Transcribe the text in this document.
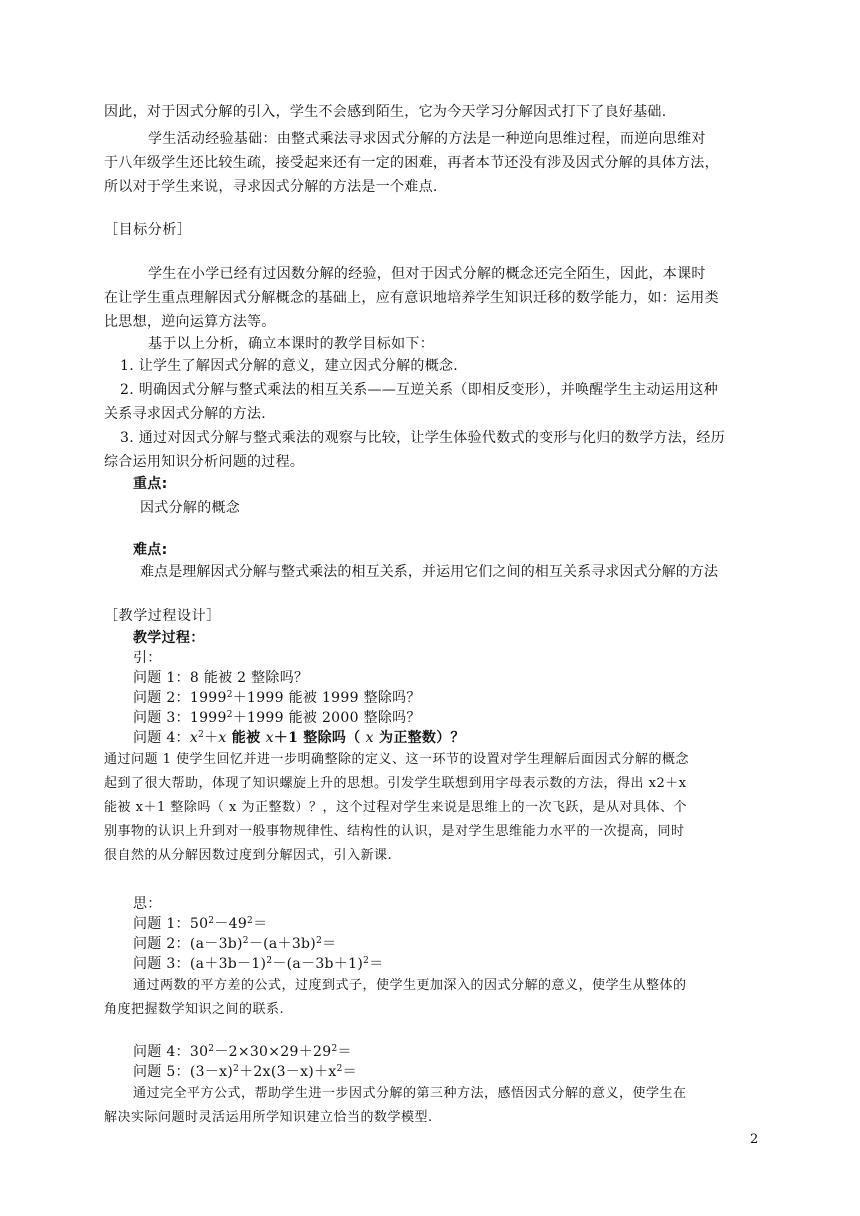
因此，对于因式分解的引入，学生不会感到陌生，它为今天学习分解因式打下了良好基础.

学生活动经验基础：由整式乘法寻求因式分解的方法是一种逆向思维过程，而逆向思维对

于八年级学生还比较生疏，接受起来还有一定的困难，再者本节还没有涉及因式分解的具体方法，

所以对于学生来说，寻求因式分解的方法是一个难点.

［目标分析］

学生在小学已经有过因数分解的经验，但对于因式分解的概念还完全陌生，因此，本课时

在让学生重点理解因式分解概念的基础上，应有意识地培养学生知识迁移的数学能力，如：运用类

比思想，逆向运算方法等。

基于以上分析，确立本课时的教学目标如下：

1. 让学生了解因式分解的意义，建立因式分解的概念.

2. 明确因式分解与整式乘法的相互关系——互逆关系（即相反变形），并唤醒学生主动运用这种

关系寻求因式分解的方法.

3. 通过对因式分解与整式乘法的观察与比较，让学生体验代数式的变形与化归的数学方法，经历

综合运用知识分析问题的过程。

重点:

因式分解的概念

难点:

难点是理解因式分解与整式乘法的相互关系，并运用它们之间的相互关系寻求因式分解的方法

［教学过程设计］

教学过程：

引：

问题 1：8 能被 2 整除吗？

问题 2：$1999^2+1999$ 能被 1999 整除吗？

问题 3：$1999^2+1999$ 能被 2000 整除吗？

问题 4：$x^2+x$ 能被 x＋1 整除吗（ x 为正整数）？

通过问题 1 使学生回忆并进一步明确整除的定义、这一环节的设置对学生理解后面因式分解的概念

起到了很大帮助，体现了知识螺旋上升的思想。引发学生联想到用字母表示数的方法，得出 x2＋x

能被 x＋1 整除吗（ x 为正整数）？，这个过程对学生来说是思维上的一次飞跃，是从对具体、个

别事物的认识上升到对一般事物规律性、结构性的认识，是对学生思维能力水平的一次提高，同时

很自然的从分解因数过度到分解因式，引入新课.

思：

问题 1：$50^2-49^2=$

问题 2：$(a-3b)^2-(a+3b)^2=$

问题 3：$(a+3b-1)^2-(a-3b+1)^2=$

通过两数的平方差的公式，过度到式子，使学生更加深入的因式分解的意义，使学生从整体的

角度把握数学知识之间的联系.

问题 4：$30^2-2\times 30\times 29+29^2=$

问题 5：$(3-x)^2+2x(3-x)+x^2=$

通过完全平方公式，帮助学生进一步因式分解的第三种方法，感悟因式分解的意义，使学生在

解决实际问题时灵活运用所学知识建立恰当的数学模型.

2
